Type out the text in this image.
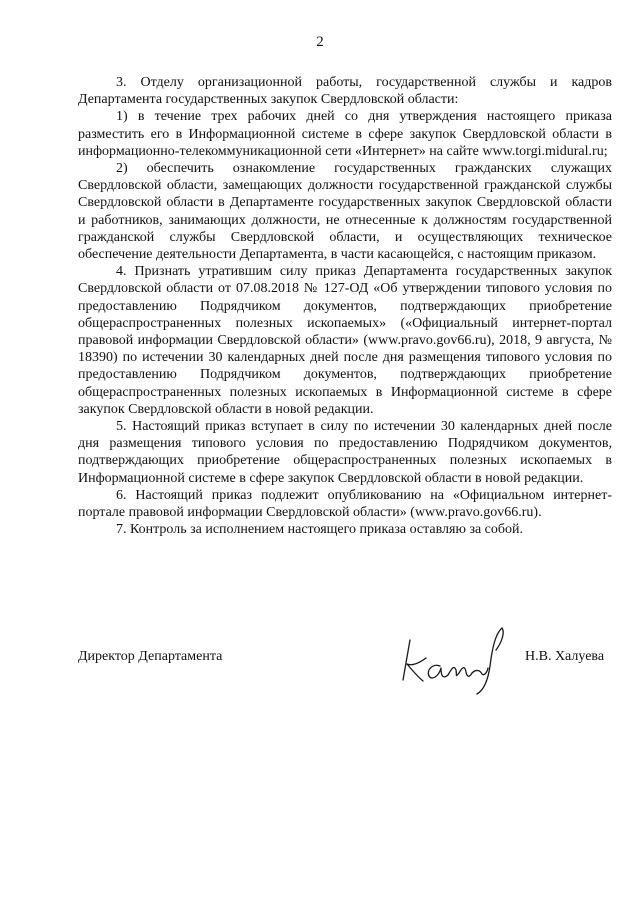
2

3. Отделу организационной работы, государственной службы и кадров Департамента государственных закупок Свердловской области:

1) в течение трех рабочих дней со дня утверждения настоящего приказа разместить его в Информационной системе в сфере закупок Свердловской области в информационно-телекоммуникационной сети «Интернет» на сайте www.torgi.midural.ru;

2) обеспечить ознакомление государственных гражданских служащих Свердловской области, замещающих должности государственной гражданской службы Свердловской области в Департаменте государственных закупок Свердловской области и работников, занимающих должности, не отнесенные к должностям государственной гражданской службы Свердловской области, и осуществляющих техническое обеспечение деятельности Департамента, в части касающейся, с настоящим приказом.

4. Признать утратившим силу приказ Департамента государственных закупок Свердловской области от 07.08.2018 № 127-ОД «Об утверждении типового условия по предоставлению Подрядчиком документов, подтверждающих приобретение общераспространенных полезных ископаемых» («Официальный интернет-портал правовой информации Свердловской области» (www.pravo.gov66.ru), 2018, 9 августа, № 18390) по истечении 30 календарных дней после дня размещения типового условия по предоставлению Подрядчиком документов, подтверждающих приобретение общераспространенных полезных ископаемых в Информационной системе в сфере закупок Свердловской области в новой редакции.

5. Настоящий приказ вступает в силу по истечении 30 календарных дней после дня размещения типового условия по предоставлению Подрядчиком документов, подтверждающих приобретение общераспространенных полезных ископаемых в Информационной системе в сфере закупок Свердловской области в новой редакции.

6. Настоящий приказ подлежит опубликованию на «Официальном интернет-портале правовой информации Свердловской области» (www.pravo.gov66.ru).

7. Контроль за исполнением настоящего приказа оставляю за собой.

Директор Департамента	Н.В. Халуева
